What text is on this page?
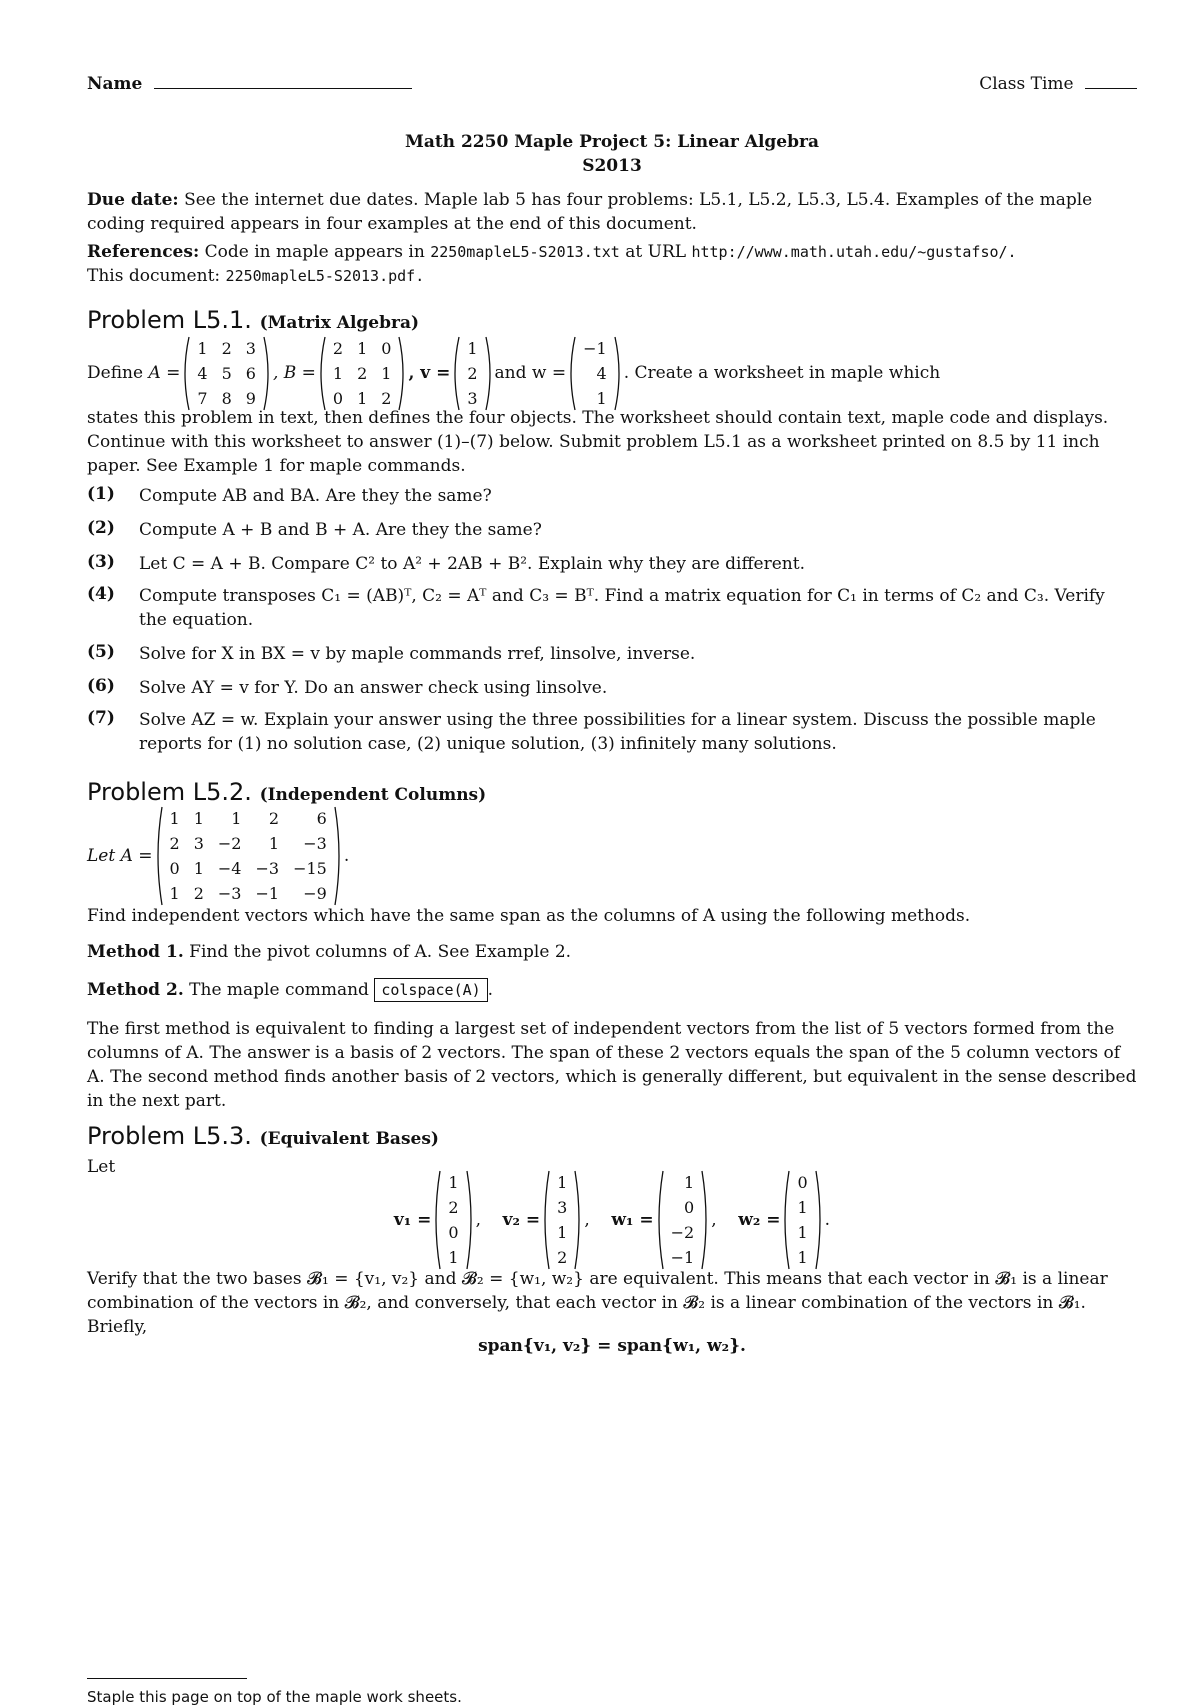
Name	Class Time
Math 2250 Maple Project 5: Linear Algebra
S2013

Due date: See the internet due dates. Maple lab 5 has four problems: L5.1, L5.2, L5.3, L5.4. Examples of the maple coding required appears in four examples at the end of this document.

References: Code in maple appears in 2250mapleL5-S2013.txt at URL http://www.math.utah.edu/~gustafso/.
This document: 2250mapleL5-S2013.pdf.

Problem L5.1. (Matrix Algebra)
Define
A =
1 2 3
4 5 6
7 8 9
, B =
2 1 0
1 2 1
0 1 2
, v =
1
2
3
and w =
−1
4
1
. Create a worksheet in maple which

states this problem in text, then defines the four objects. The worksheet should contain text, maple code and displays. Continue with this worksheet to answer (1)–(7) below. Submit problem L5.1 as a worksheet printed on 8.5 by 11 inch paper. See Example 1 for maple commands.

(1)	Compute AB and BA. Are they the same?
(2)	Compute A + B and B + A. Are they the same?
(3)	Let C = A + B. Compare C² to A² + 2AB + B². Explain why they are different.
(4)	Compute transposes C₁ = (AB)ᵀ, C₂ = Aᵀ and C₃ = Bᵀ. Find a matrix equation for C₁ in terms of C₂ and C₃. Verify the equation.
(5)	Solve for X in BX = v by maple commands rref, linsolve, inverse.
(6)	Solve AY = v for Y. Do an answer check using linsolve.
(7)	Solve AZ = w. Explain your answer using the three possibilities for a linear system. Discuss the possible maple reports for (1) no solution case, (2) unique solution, (3) infinitely many solutions.
Problem L5.2. (Independent Columns)
Let A =
1 1	1	2	6
2 3 −2	1	−3
0 1 −4 −3 −15
1 2 −3 −1	−9
.

Find independent vectors which have the same span as the columns of A using the following methods.

Method 1. Find the pivot columns of A. See Example 2.

Method 2. The maple command colspace(A) .

The first method is equivalent to finding a largest set of independent vectors from the list of 5 vectors formed from the columns of A. The answer is a basis of 2 vectors. The span of these 2 vectors equals the span of the 5 column vectors of A. The second method finds another basis of 2 vectors, which is generally different, but equivalent in the sense described in the next part.

Problem L5.3. (Equivalent Bases)

Let

v₁ =
1
2
0
1
,
v₂ =
1
3
1
2
,
w₁ =
1
0
−2
−1
,
w₂ =
0
1
1
1
.

Verify that the two bases 𝓑₁ = {v₁, v₂} and 𝓑₂ = {w₁, w₂} are equivalent. This means that each vector in 𝓑₁ is a linear combination of the vectors in 𝓑₂, and conversely, that each vector in 𝓑₂ is a linear combination of the vectors in 𝓑₁. Briefly,

span{v₁, v₂} = span{w₁, w₂}.

Staple this page on top of the maple work sheets.
